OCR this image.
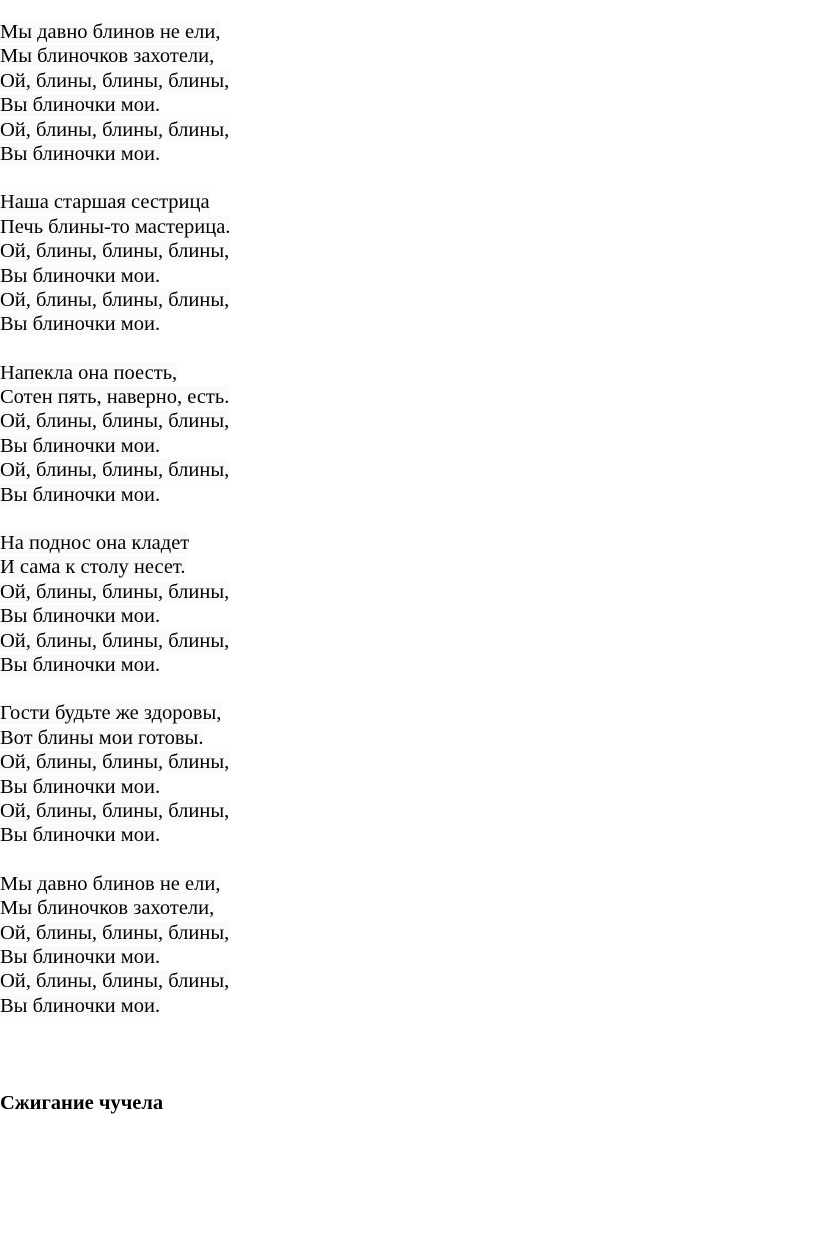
Мы давно блинов не ели,
Мы блиночков захотели,
Ой, блины, блины, блины,
Вы блиночки мои.
Ой, блины, блины, блины,
Вы блиночки мои.
Наша старшая сестрица
Печь блины-то мастерица.
Ой, блины, блины, блины,
Вы блиночки мои.
Ой, блины, блины, блины,
Вы блиночки мои.
Напекла она поесть,
Сотен пять, наверно, есть.
Ой, блины, блины, блины,
Вы блиночки мои.
Ой, блины, блины, блины,
Вы блиночки мои.
На поднос она кладет
И сама к столу несет.
Ой, блины, блины, блины,
Вы блиночки мои.
Ой, блины, блины, блины,
Вы блиночки мои.
Гости будьте же здоровы,
Вот блины мои готовы.
Ой, блины, блины, блины,
Вы блиночки мои.
Ой, блины, блины, блины,
Вы блиночки мои.
Мы давно блинов не ели,
Мы блиночков захотели,
Ой, блины, блины, блины,
Вы блиночки мои.
Ой, блины, блины, блины,
Вы блиночки мои.
Сжигание чучела
